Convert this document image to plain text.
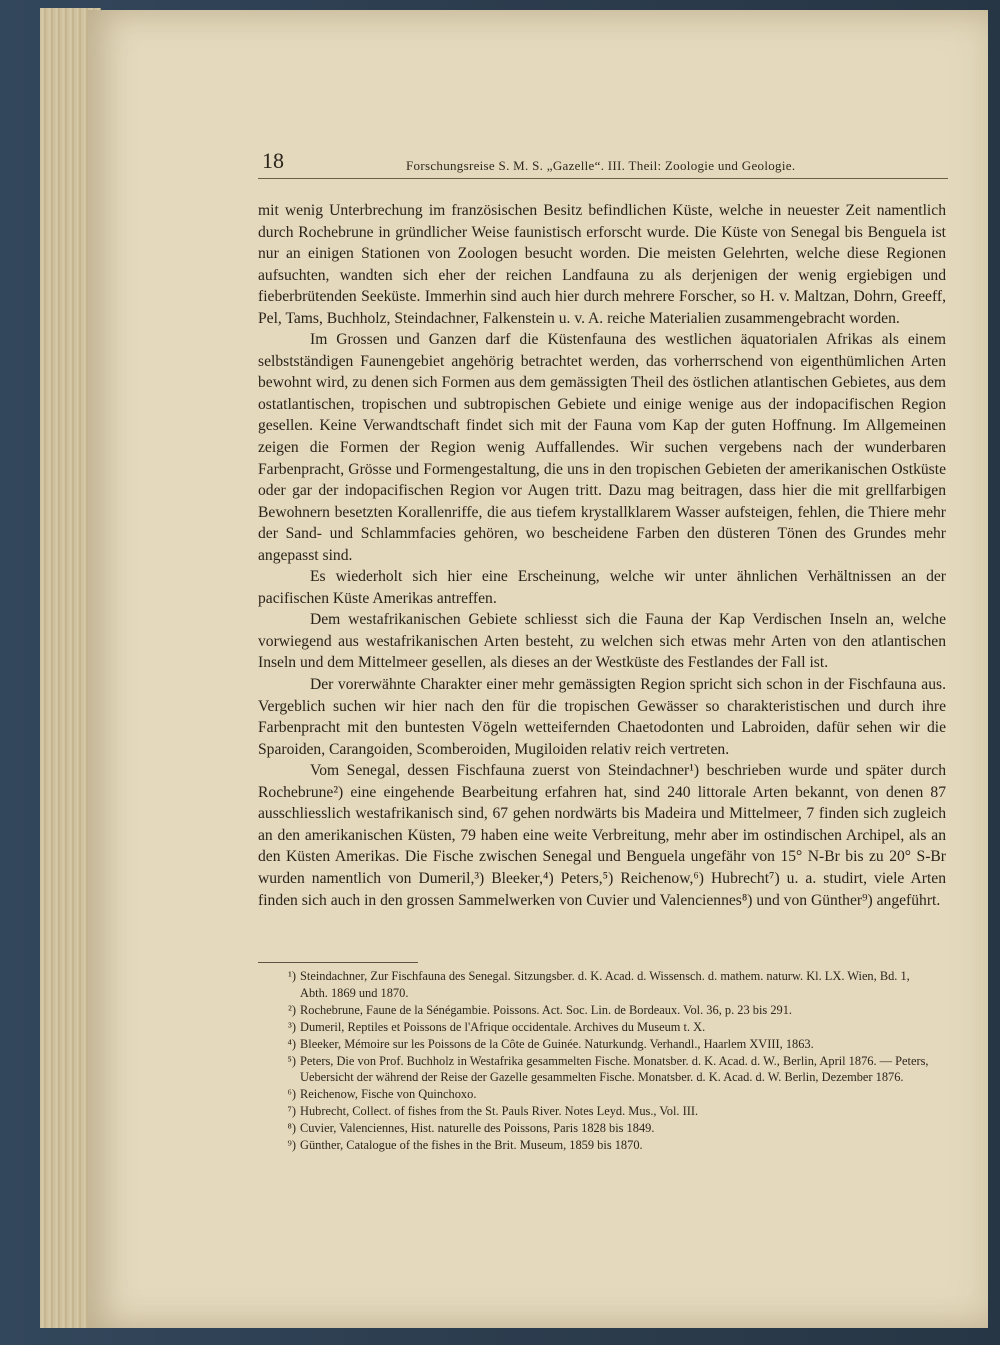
18	Forschungsreise S. M. S. „Gazelle“. III. Theil: Zoologie und Geologie.

mit wenig Unterbrechung im französischen Besitz befindlichen Küste, welche in neuester Zeit namentlich durch Rochebrune in gründlicher Weise faunistisch erforscht wurde. Die Küste von Senegal bis Benguela ist nur an einigen Stationen von Zoologen besucht worden. Die meisten Gelehrten, welche diese Regionen aufsuchten, wandten sich eher der reichen Landfauna zu als derjenigen der wenig ergiebigen und fieberbrütenden Seeküste. Immerhin sind auch hier durch mehrere Forscher, so H. v. Maltzan, Dohrn, Greeff, Pel, Tams, Buchholz, Steindachner, Falkenstein u. v. A. reiche Materialien zusammengebracht worden.

Im Grossen und Ganzen darf die Küstenfauna des westlichen äquatorialen Afrikas als einem selbstständigen Faunengebiet angehörig betrachtet werden, das vorherrschend von eigenthümlichen Arten bewohnt wird, zu denen sich Formen aus dem gemässigten Theil des östlichen atlantischen Gebietes, aus dem ostatlantischen, tropischen und subtropischen Gebiete und einige wenige aus der indopacifischen Region gesellen. Keine Verwandtschaft findet sich mit der Fauna vom Kap der guten Hoffnung. Im Allgemeinen zeigen die Formen der Region wenig Auffallendes. Wir suchen vergebens nach der wunderbaren Farbenpracht, Grösse und Formengestaltung, die uns in den tropischen Gebieten der amerikanischen Ostküste oder gar der indopacifischen Region vor Augen tritt. Dazu mag beitragen, dass hier die mit grellfarbigen Bewohnern besetzten Korallenriffe, die aus tiefem krystallklarem Wasser aufsteigen, fehlen, die Thiere mehr der Sand- und Schlammfacies gehören, wo bescheidene Farben den düsteren Tönen des Grundes mehr angepasst sind.

Es wiederholt sich hier eine Erscheinung, welche wir unter ähnlichen Verhältnissen an der pacifischen Küste Amerikas antreffen.

Dem westafrikanischen Gebiete schliesst sich die Fauna der Kap Verdischen Inseln an, welche vorwiegend aus westafrikanischen Arten besteht, zu welchen sich etwas mehr Arten von den atlantischen Inseln und dem Mittelmeer gesellen, als dieses an der Westküste des Festlandes der Fall ist.

Der vorerwähnte Charakter einer mehr gemässigten Region spricht sich schon in der Fischfauna aus. Vergeblich suchen wir hier nach den für die tropischen Gewässer so charakteristischen und durch ihre Farbenpracht mit den buntesten Vögeln wetteifernden Chaetodonten und Labroiden, dafür sehen wir die Sparoiden, Carangoiden, Scomberoiden, Mugiloiden relativ reich vertreten.

Vom Senegal, dessen Fischfauna zuerst von Steindachner¹) beschrieben wurde und später durch Rochebrune²) eine eingehende Bearbeitung erfahren hat, sind 240 littorale Arten bekannt, von denen 87 ausschliesslich westafrikanisch sind, 67 gehen nordwärts bis Madeira und Mittelmeer, 7 finden sich zugleich an den amerikanischen Küsten, 79 haben eine weite Verbreitung, mehr aber im ostindischen Archipel, als an den Küsten Amerikas. Die Fische zwischen Senegal und Benguela ungefähr von 15° N-Br bis zu 20° S-Br wurden namentlich von Dumeril,³) Bleeker,⁴) Peters,⁵) Reichenow,⁶) Hubrecht⁷) u. a. studirt, viele Arten finden sich auch in den grossen Sammelwerken von Cuvier und Valenciennes⁸) und von Günther⁹) angeführt.

¹) Steindachner, Zur Fischfauna des Senegal. Sitzungsber. d. K. Acad. d. Wissensch. d. mathem. naturw. Kl. LX. Wien, Bd. 1, Abth. 1869 und 1870.
²) Rochebrune, Faune de la Sénégambie. Poissons. Act. Soc. Lin. de Bordeaux. Vol. 36, p. 23 bis 291.
³) Dumeril, Reptiles et Poissons de l'Afrique occidentale. Archives du Museum t. X.
⁴) Bleeker, Mémoire sur les Poissons de la Côte de Guinée. Naturkundg. Verhandl., Haarlem XVIII, 1863.
⁵) Peters, Die von Prof. Buchholz in Westafrika gesammelten Fische. Monatsber. d. K. Acad. d. W., Berlin, April 1876. — Peters, Uebersicht der während der Reise der Gazelle gesammelten Fische. Monatsber. d. K. Acad. d. W. Berlin, Dezember 1876.
⁶) Reichenow, Fische von Quinchoxo.
⁷) Hubrecht, Collect. of fishes from the St. Pauls River. Notes Leyd. Mus., Vol. III.
⁸) Cuvier, Valenciennes, Hist. naturelle des Poissons, Paris 1828 bis 1849.
⁹) Günther, Catalogue of the fishes in the Brit. Museum, 1859 bis 1870.
